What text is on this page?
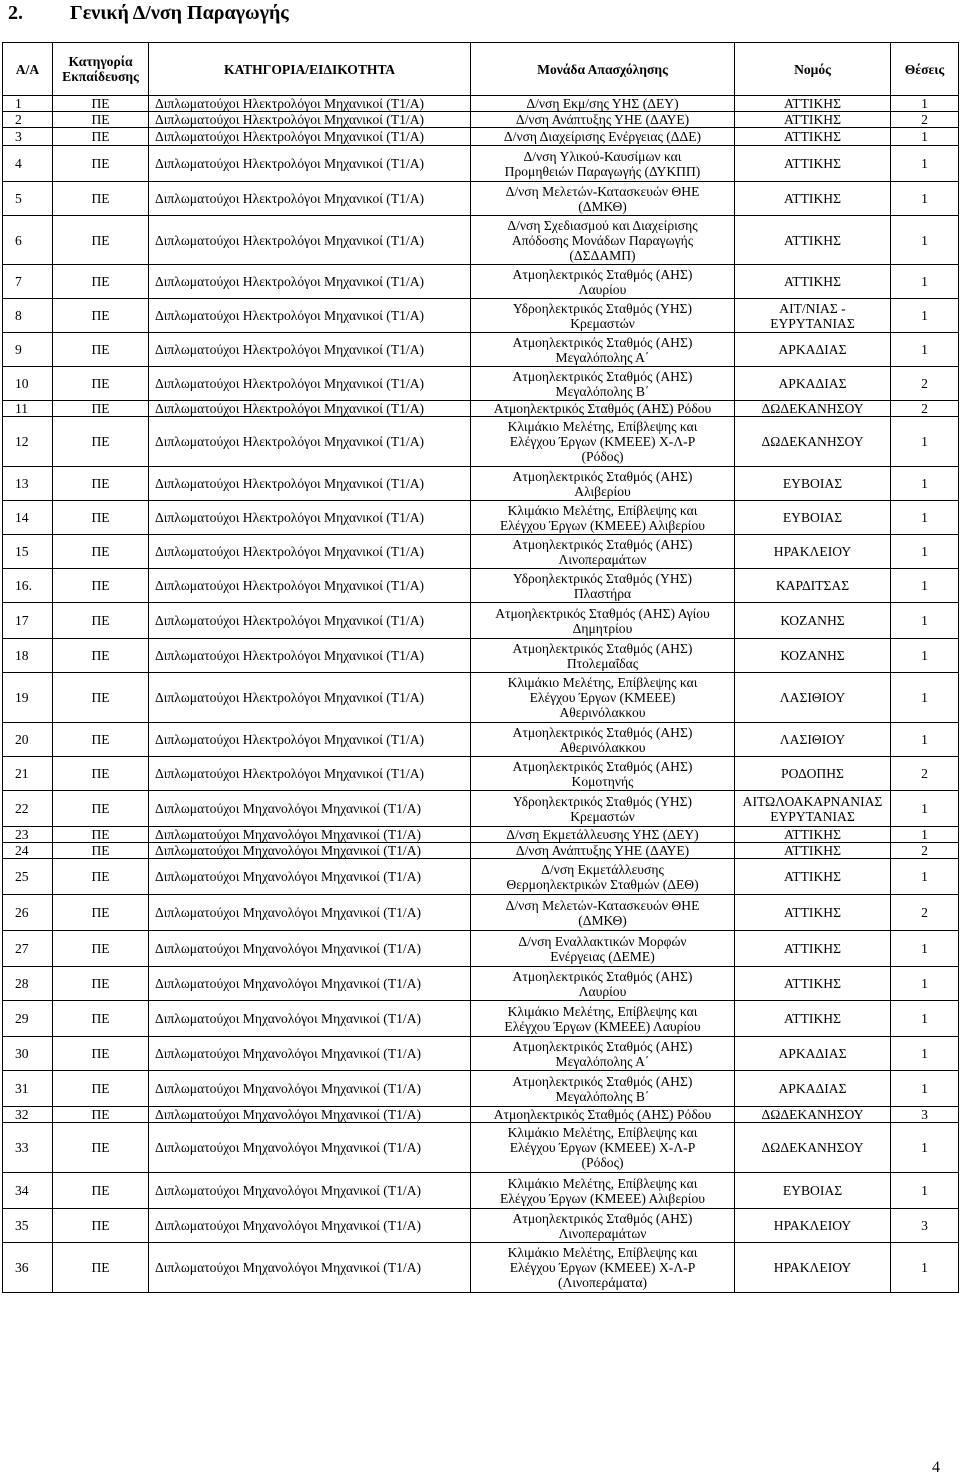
2. Γενική Δ/νση Παραγωγής
Α/Α	Κατηγορία Εκπαίδευσης	ΚΑΤΗΓΟΡΙΑ/ΕΙΔΙΚΟΤΗΤΑ	Μονάδα Απασχόλησης	Νομός	Θέσεις
1	ΠΕ	Διπλωματούχοι Ηλεκτρολόγοι Μηχανικοί (Τ1/Α)	Δ/νση Εκμ/σης ΥΗΣ (ΔΕΥ)	ΑΤΤΙΚΗΣ	1
2	ΠΕ	Διπλωματούχοι Ηλεκτρολόγοι Μηχανικοί (Τ1/Α)	Δ/νση Ανάπτυξης ΥΗΕ (ΔΑΥΕ)	ΑΤΤΙΚΗΣ	2
3	ΠΕ	Διπλωματούχοι Ηλεκτρολόγοι Μηχανικοί (Τ1/Α)	Δ/νση Διαχείρισης Ενέργειας (ΔΔΕ)	ΑΤΤΙΚΗΣ	1
4	ΠΕ	Διπλωματούχοι Ηλεκτρολόγοι Μηχανικοί (Τ1/Α)	Δ/νση Υλικού-Καυσίμων και
Προμηθειών Παραγωγής (ΔΥΚΠΠ)	ΑΤΤΙΚΗΣ	1
5	ΠΕ	Διπλωματούχοι Ηλεκτρολόγοι Μηχανικοί (Τ1/Α)	Δ/νση Μελετών-Κατασκευών ΘΗΕ
(ΔΜΚΘ)	ΑΤΤΙΚΗΣ	1
6	ΠΕ	Διπλωματούχοι Ηλεκτρολόγοι Μηχανικοί (Τ1/Α)	Δ/νση Σχεδιασμού και Διαχείρισης
Απόδοσης Μονάδων Παραγωγής
(ΔΣΔΑΜΠ)	ΑΤΤΙΚΗΣ	1
7	ΠΕ	Διπλωματούχοι Ηλεκτρολόγοι Μηχανικοί (Τ1/Α)	Ατμοηλεκτρικός Σταθμός (ΑΗΣ)
Λαυρίου	ΑΤΤΙΚΗΣ	1
8	ΠΕ	Διπλωματούχοι Ηλεκτρολόγοι Μηχανικοί (Τ1/Α)	Υδροηλεκτρικός Σταθμός (ΥΗΣ)
Κρεμαστών	ΑΙΤ/ΝΙΑΣ -
ΕΥΡΥΤΑΝΙΑΣ	1
9	ΠΕ	Διπλωματούχοι Ηλεκτρολόγοι Μηχανικοί (Τ1/Α)	Ατμοηλεκτρικός Σταθμός (ΑΗΣ)
Μεγαλόπολης Α΄	ΑΡΚΑΔΙΑΣ	1
10	ΠΕ	Διπλωματούχοι Ηλεκτρολόγοι Μηχανικοί (Τ1/Α)	Ατμοηλεκτρικός Σταθμός (ΑΗΣ)
Μεγαλόπολης Β΄	ΑΡΚΑΔΙΑΣ	2
11	ΠΕ	Διπλωματούχοι Ηλεκτρολόγοι Μηχανικοί (Τ1/Α)	Ατμοηλεκτρικός Σταθμός (ΑΗΣ) Ρόδου	ΔΩΔΕΚΑΝΗΣΟΥ	2
12	ΠΕ	Διπλωματούχοι Ηλεκτρολόγοι Μηχανικοί (Τ1/Α)	Κλιμάκιο Μελέτης, Επίβλεψης και
Ελέγχου Έργων (ΚΜΕΕΕ) Χ-Λ-Ρ
(Ρόδος)	ΔΩΔΕΚΑΝΗΣΟΥ	1
13	ΠΕ	Διπλωματούχοι Ηλεκτρολόγοι Μηχανικοί (Τ1/Α)	Ατμοηλεκτρικός Σταθμός (ΑΗΣ)
Αλιβερίου	ΕΥΒΟΙΑΣ	1
14	ΠΕ	Διπλωματούχοι Ηλεκτρολόγοι Μηχανικοί (Τ1/Α)	Κλιμάκιο Μελέτης, Επίβλεψης και
Ελέγχου Έργων (ΚΜΕΕΕ) Αλιβερίου	ΕΥΒΟΙΑΣ	1
15	ΠΕ	Διπλωματούχοι Ηλεκτρολόγοι Μηχανικοί (Τ1/Α)	Ατμοηλεκτρικός Σταθμός (ΑΗΣ)
Λινοπεραμάτων	ΗΡΑΚΛΕΙΟΥ	1
16.	ΠΕ	Διπλωματούχοι Ηλεκτρολόγοι Μηχανικοί (Τ1/Α)	Υδροηλεκτρικός Σταθμός (ΥΗΣ)
Πλαστήρα	ΚΑΡΔΙΤΣΑΣ	1
17	ΠΕ	Διπλωματούχοι Ηλεκτρολόγοι Μηχανικοί (Τ1/Α)	Ατμοηλεκτρικός Σταθμός (ΑΗΣ) Αγίου
Δημητρίου	ΚΟΖΑΝΗΣ	1
18	ΠΕ	Διπλωματούχοι Ηλεκτρολόγοι Μηχανικοί (Τ1/Α)	Ατμοηλεκτρικός Σταθμός (ΑΗΣ)
Πτολεμαΐδας	ΚΟΖΑΝΗΣ	1
19	ΠΕ	Διπλωματούχοι Ηλεκτρολόγοι Μηχανικοί (Τ1/Α)	Κλιμάκιο Μελέτης, Επίβλεψης και
Ελέγχου Έργων (ΚΜΕΕΕ)
Αθερινόλακκου	ΛΑΣΙΘΙΟΥ	1
20	ΠΕ	Διπλωματούχοι Ηλεκτρολόγοι Μηχανικοί (Τ1/Α)	Ατμοηλεκτρικός Σταθμός (ΑΗΣ)
Αθερινόλακκου	ΛΑΣΙΘΙΟΥ	1
21	ΠΕ	Διπλωματούχοι Ηλεκτρολόγοι Μηχανικοί (Τ1/Α)	Ατμοηλεκτρικός Σταθμός (ΑΗΣ)
Κομοτηνής	ΡΟΔΟΠΗΣ	2
22	ΠΕ	Διπλωματούχοι Μηχανολόγοι Μηχανικοί (Τ1/Α)	Υδροηλεκτρικός Σταθμός (ΥΗΣ)
Κρεμαστών	ΑΙΤΩΛΟΑΚΑΡΝΑΝΙΑΣ
ΕΥΡΥΤΑΝΙΑΣ	1
23	ΠΕ	Διπλωματούχοι Μηχανολόγοι Μηχανικοί (Τ1/Α)	Δ/νση Εκμετάλλευσης ΥΗΣ (ΔΕΥ)	ΑΤΤΙΚΗΣ	1
24	ΠΕ	Διπλωματούχοι Μηχανολόγοι Μηχανικοί (Τ1/Α)	Δ/νση Ανάπτυξης ΥΗΕ (ΔΑΥΕ)	ΑΤΤΙΚΗΣ	2
25	ΠΕ	Διπλωματούχοι Μηχανολόγοι Μηχανικοί (Τ1/Α)	Δ/νση Εκμετάλλευσης
Θερμοηλεκτρικών Σταθμών (ΔΕΘ)	ΑΤΤΙΚΗΣ	1
26	ΠΕ	Διπλωματούχοι Μηχανολόγοι Μηχανικοί (Τ1/Α)	Δ/νση Μελετών-Κατασκευών ΘΗΕ
(ΔΜΚΘ)	ΑΤΤΙΚΗΣ	2
27	ΠΕ	Διπλωματούχοι Μηχανολόγοι Μηχανικοί (Τ1/Α)	Δ/νση Εναλλακτικών Μορφών
Ενέργειας (ΔΕΜΕ)	ΑΤΤΙΚΗΣ	1
28	ΠΕ	Διπλωματούχοι Μηχανολόγοι Μηχανικοί (Τ1/Α)	Ατμοηλεκτρικός Σταθμός (ΑΗΣ)
Λαυρίου	ΑΤΤΙΚΗΣ	1
29	ΠΕ	Διπλωματούχοι Μηχανολόγοι Μηχανικοί (Τ1/Α)	Κλιμάκιο Μελέτης, Επίβλεψης και
Ελέγχου Έργων (ΚΜΕΕΕ) Λαυρίου	ΑΤΤΙΚΗΣ	1
30	ΠΕ	Διπλωματούχοι Μηχανολόγοι Μηχανικοί (Τ1/Α)	Ατμοηλεκτρικός Σταθμός (ΑΗΣ)
Μεγαλόπολης Α΄	ΑΡΚΑΔΙΑΣ	1
31	ΠΕ	Διπλωματούχοι Μηχανολόγοι Μηχανικοί (Τ1/Α)	Ατμοηλεκτρικός Σταθμός (ΑΗΣ)
Μεγαλόπολης Β΄	ΑΡΚΑΔΙΑΣ	1
32	ΠΕ	Διπλωματούχοι Μηχανολόγοι Μηχανικοί (Τ1/Α)	Ατμοηλεκτρικός Σταθμός (ΑΗΣ) Ρόδου	ΔΩΔΕΚΑΝΗΣΟΥ	3
33	ΠΕ	Διπλωματούχοι Μηχανολόγοι Μηχανικοί (Τ1/Α)	Κλιμάκιο Μελέτης, Επίβλεψης και
Ελέγχου Έργων (ΚΜΕΕΕ) Χ-Λ-Ρ
(Ρόδος)	ΔΩΔΕΚΑΝΗΣΟΥ	1
34	ΠΕ	Διπλωματούχοι Μηχανολόγοι Μηχανικοί (Τ1/Α)	Κλιμάκιο Μελέτης, Επίβλεψης και
Ελέγχου Έργων (ΚΜΕΕΕ) Αλιβερίου	ΕΥΒΟΙΑΣ	1
35	ΠΕ	Διπλωματούχοι Μηχανολόγοι Μηχανικοί (Τ1/Α)	Ατμοηλεκτρικός Σταθμός (ΑΗΣ)
Λινοπεραμάτων	ΗΡΑΚΛΕΙΟΥ	3
36	ΠΕ	Διπλωματούχοι Μηχανολόγοι Μηχανικοί (Τ1/Α)	Κλιμάκιο Μελέτης, Επίβλεψης και
Ελέγχου Έργων (ΚΜΕΕΕ) Χ-Λ-Ρ
(Λινοπεράματα)	ΗΡΑΚΛΕΙΟΥ	1
4
